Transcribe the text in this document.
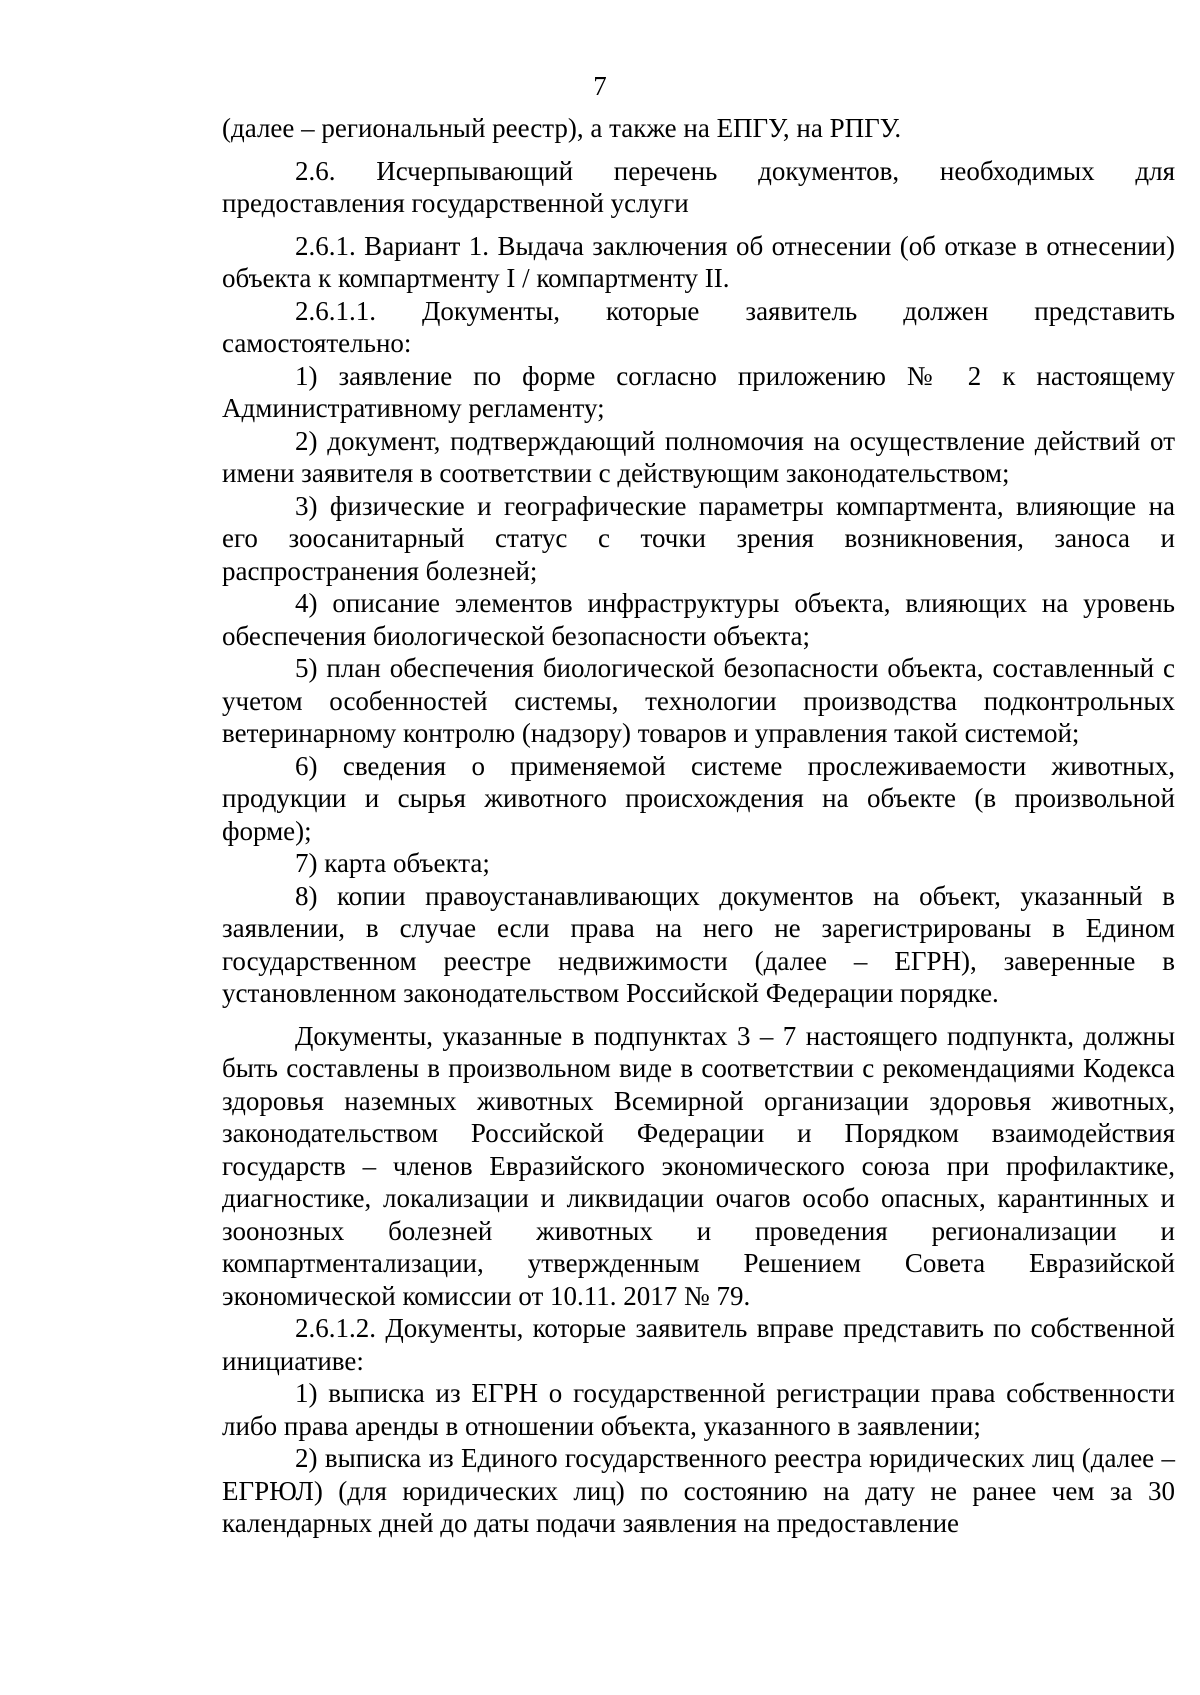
7

(далее – региональный реестр), а также на ЕПГУ, на РПГУ.

2.6. Исчерпывающий перечень документов, необходимых для предоставления государственной услуги

2.6.1. Вариант 1. Выдача заключения об отнесении (об отказе в отнесении) объекта к компартменту I / компартменту II.

2.6.1.1. Документы, которые заявитель должен представить самостоятельно:

1) заявление по форме согласно приложению № 2 к настоящему Административному регламенту;

2) документ, подтверждающий полномочия на осуществление действий от имени заявителя в соответствии с действующим законодательством;

3) физические и географические параметры компартмента, влияющие на его зоосанитарный статус с точки зрения возникновения, заноса и распространения болезней;

4) описание элементов инфраструктуры объекта, влияющих на уровень обеспечения биологической безопасности объекта;

5) план обеспечения биологической безопасности объекта, составленный с учетом особенностей системы, технологии производства подконтрольных ветеринарному контролю (надзору) товаров и управления такой системой;

6) сведения о применяемой системе прослеживаемости животных, продукции и сырья животного происхождения на объекте (в произвольной форме);

7) карта объекта;

8) копии правоустанавливающих документов на объект, указанный в заявлении, в случае если права на него не зарегистрированы в Едином государственном реестре недвижимости (далее – ЕГРН), заверенные в установленном законодательством Российской Федерации порядке.

Документы, указанные в подпунктах 3 – 7 настоящего подпункта, должны быть составлены в произвольном виде в соответствии с рекомендациями Кодекса здоровья наземных животных Всемирной организации здоровья животных, законодательством Российской Федерации и Порядком взаимодействия государств – членов Евразийского экономического союза при профилактике, диагностике, локализации и ликвидации очагов особо опасных, карантинных и зоонозных болезней животных и проведения регионализации и компартментализации, утвержденным Решением Совета Евразийской экономической комиссии от 10.11. 2017 № 79.

2.6.1.2. Документы, которые заявитель вправе представить по собственной инициативе:

1) выписка из ЕГРН о государственной регистрации права собственности либо права аренды в отношении объекта, указанного в заявлении;

2) выписка из Единого государственного реестра юридических лиц (далее – ЕГРЮЛ) (для юридических лиц) по состоянию на дату не ранее чем за 30 календарных дней до даты подачи заявления на предоставление
